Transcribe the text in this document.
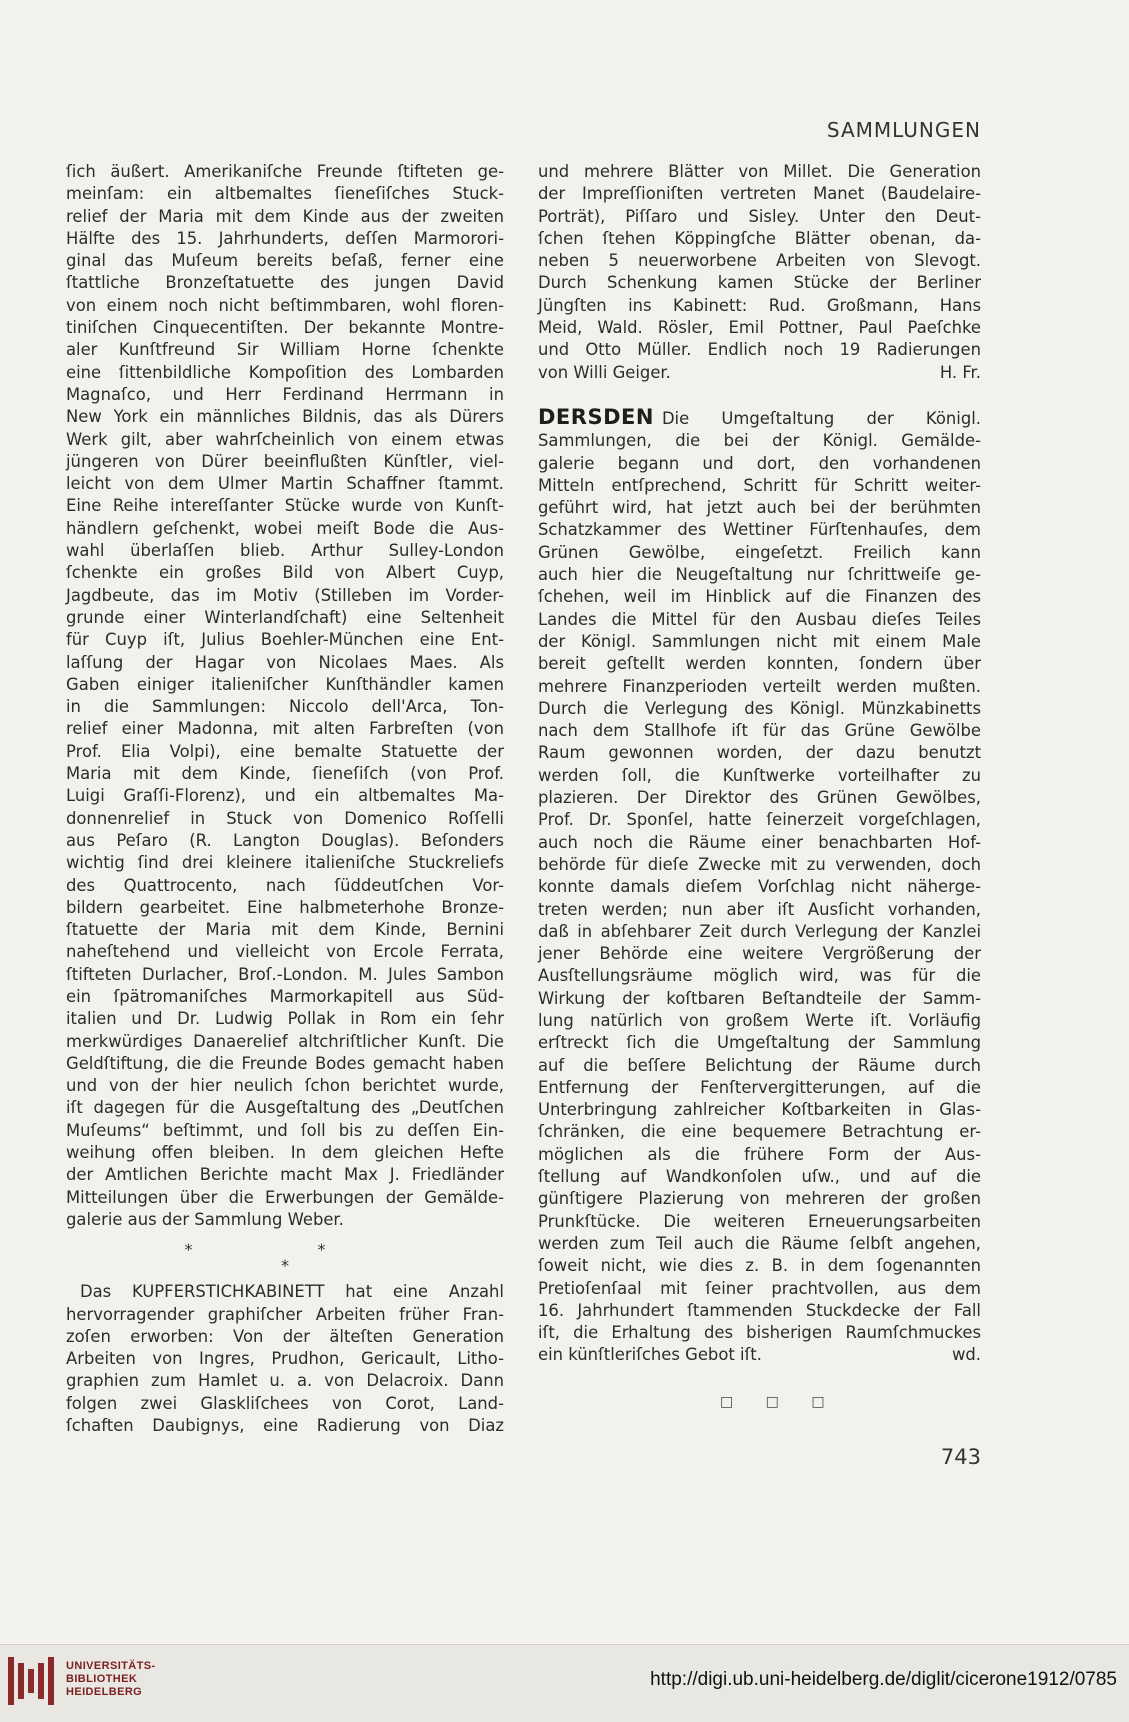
SAMMLUNGEN

ſich äußert. Amerikaniſche Freunde ſtifteten ge-
meinſam: ein altbemaltes ſieneſiſches Stuck-
relief der Maria mit dem Kinde aus der zweiten
Hälfte des 15. Jahrhunderts, deſſen Marmorori-
ginal das Muſeum bereits beſaß, ferner eine
ſtattliche Bronzeſtatuette des jungen David
von einem noch nicht beſtimmbaren, wohl floren-
tiniſchen Cinquecentiſten. Der bekannte Montre-
aler Kunſtfreund Sir William Horne ſchenkte
eine ſittenbildliche Kompoſition des Lombarden
Magnaſco, und Herr Ferdinand Herrmann in
New York ein männliches Bildnis, das als Dürers
Werk gilt, aber wahrſcheinlich von einem etwas
jüngeren von Dürer beeinflußten Künſtler, viel-
leicht von dem Ulmer Martin Schaffner ſtammt.
Eine Reihe intereſſanter Stücke wurde von Kunſt-
händlern geſchenkt, wobei meiſt Bode die Aus-
wahl überlaſſen blieb. Arthur Sulley-London
ſchenkte ein großes Bild von Albert Cuyp,
Jagdbeute, das im Motiv (Stilleben im Vorder-
grunde einer Winterlandſchaft) eine Seltenheit
für Cuyp iſt, Julius Boehler-München eine Ent-
laſſung der Hagar von Nicolaes Maes. Als
Gaben einiger italieniſcher Kunſthändler kamen
in die Sammlungen: Niccolo dell'Arca, Ton-
relief einer Madonna, mit alten Farbreſten (von
Prof. Elia Volpi), eine bemalte Statuette der
Maria mit dem Kinde, ſieneſiſch (von Prof.
Luigi Graſſi-Florenz), und ein altbemaltes Ma-
donnenrelief in Stuck von Domenico Roſſelli
aus Peſaro (R. Langton Douglas). Beſonders
wichtig ſind drei kleinere italieniſche Stuckreliefs
des Quattrocento, nach ſüddeutſchen Vor-
bildern gearbeitet. Eine halbmeterhohe Bronze-
ſtatuette der Maria mit dem Kinde, Bernini
naheſtehend und vielleicht von Ercole Ferrata,
ſtifteten Durlacher, Broſ.-London. M. Jules Sambon
ein ſpätromaniſches Marmorkapitell aus Süd-
italien und Dr. Ludwig Pollak in Rom ein ſehr
merkwürdiges Danaerelief altchriſtlicher Kunſt. Die
Geldſtiftung, die die Freunde Bodes gemacht haben
und von der hier neulich ſchon berichtet wurde,
iſt dagegen für die Ausgeſtaltung des „Deutſchen
Muſeums“ beſtimmt, und ſoll bis zu deſſen Ein-
weihung offen bleiben. In dem gleichen Hefte
der Amtlichen Berichte macht Max J. Friedländer
Mitteilungen über die Erwerbungen der Gemälde-
galerie aus der Sammlung Weber.

* *
*

Das KUPFERSTICHKABINETT hat eine Anzahl
hervorragender graphiſcher Arbeiten früher Fran-
zoſen erworben: Von der älteſten Generation
Arbeiten von Ingres, Prudhon, Gericault, Litho-
graphien zum Hamlet u. a. von Delacroix. Dann
folgen zwei Glaskliſchees von Corot, Land-
ſchaften Daubignys, eine Radierung von Diaz

und mehrere Blätter von Millet. Die Generation
der Impreſſioniſten vertreten Manet (Baudelaire-
Porträt), Piſſaro und Sisley. Unter den Deut-
ſchen ſtehen Köppingſche Blätter obenan, da-
neben 5 neuerworbene Arbeiten von Slevogt.
Durch Schenkung kamen Stücke der Berliner
Jüngſten ins Kabinett: Rud. Großmann, Hans
Meid, Wald. Rösler, Emil Pottner, Paul Paeſchke
und Otto Müller. Endlich noch 19 Radierungen

von Willi Geiger.	H. Fr.

DERSDEN Die Umgeſtaltung der Königl.
Sammlungen, die bei der Königl. Gemälde-
galerie begann und dort, den vorhandenen
Mitteln entſprechend, Schritt für Schritt weiter-
geführt wird, hat jetzt auch bei der berühmten
Schatzkammer des Wettiner Fürſtenhauſes, dem
Grünen Gewölbe, eingeſetzt. Freilich kann
auch hier die Neugeſtaltung nur ſchrittweiſe ge-
ſchehen, weil im Hinblick auf die Finanzen des
Landes die Mittel für den Ausbau dieſes Teiles
der Königl. Sammlungen nicht mit einem Male
bereit geſtellt werden konnten, ſondern über
mehrere Finanzperioden verteilt werden mußten.
Durch die Verlegung des Königl. Münzkabinetts
nach dem Stallhofe iſt für das Grüne Gewölbe
Raum gewonnen worden, der dazu benutzt
werden ſoll, die Kunſtwerke vorteilhafter zu
plazieren. Der Direktor des Grünen Gewölbes,
Prof. Dr. Sponſel, hatte ſeinerzeit vorgeſchlagen,
auch noch die Räume einer benachbarten Hof-
behörde für dieſe Zwecke mit zu verwenden, doch
konnte damals dieſem Vorſchlag nicht näherge-
treten werden; nun aber iſt Ausſicht vorhanden,
daß in abſehbarer Zeit durch Verlegung der Kanzlei
jener Behörde eine weitere Vergrößerung der
Ausſtellungsräume möglich wird, was für die
Wirkung der koſtbaren Beſtandteile der Samm-
lung natürlich von großem Werte iſt. Vorläufig
erſtreckt ſich die Umgeſtaltung der Sammlung
auf die beſſere Belichtung der Räume durch
Entfernung der Fenſtervergitterungen, auf die
Unterbringung zahlreicher Koſtbarkeiten in Glas-
ſchränken, die eine bequemere Betrachtung er-
möglichen als die frühere Form der Aus-
ſtellung auf Wandkonſolen uſw., und auf die
günſtigere Plazierung von mehreren der großen
Prunkſtücke. Die weiteren Erneuerungsarbeiten
werden zum Teil auch die Räume ſelbſt angehen,
ſoweit nicht, wie dies z. B. in dem ſogenannten
Pretioſenſaal mit ſeiner prachtvollen, aus dem
16. Jahrhundert ſtammenden Stuckdecke der Fall
iſt, die Erhaltung des bisherigen Raumſchmuckes

ein künſtleriſches Gebot iſt.	wd.
□ □ □
743
UNIVERSITÄTS-
BIBLIOTHEK
HEIDELBERG
http://digi.ub.uni-heidelberg.de/diglit/cicerone1912/0785
